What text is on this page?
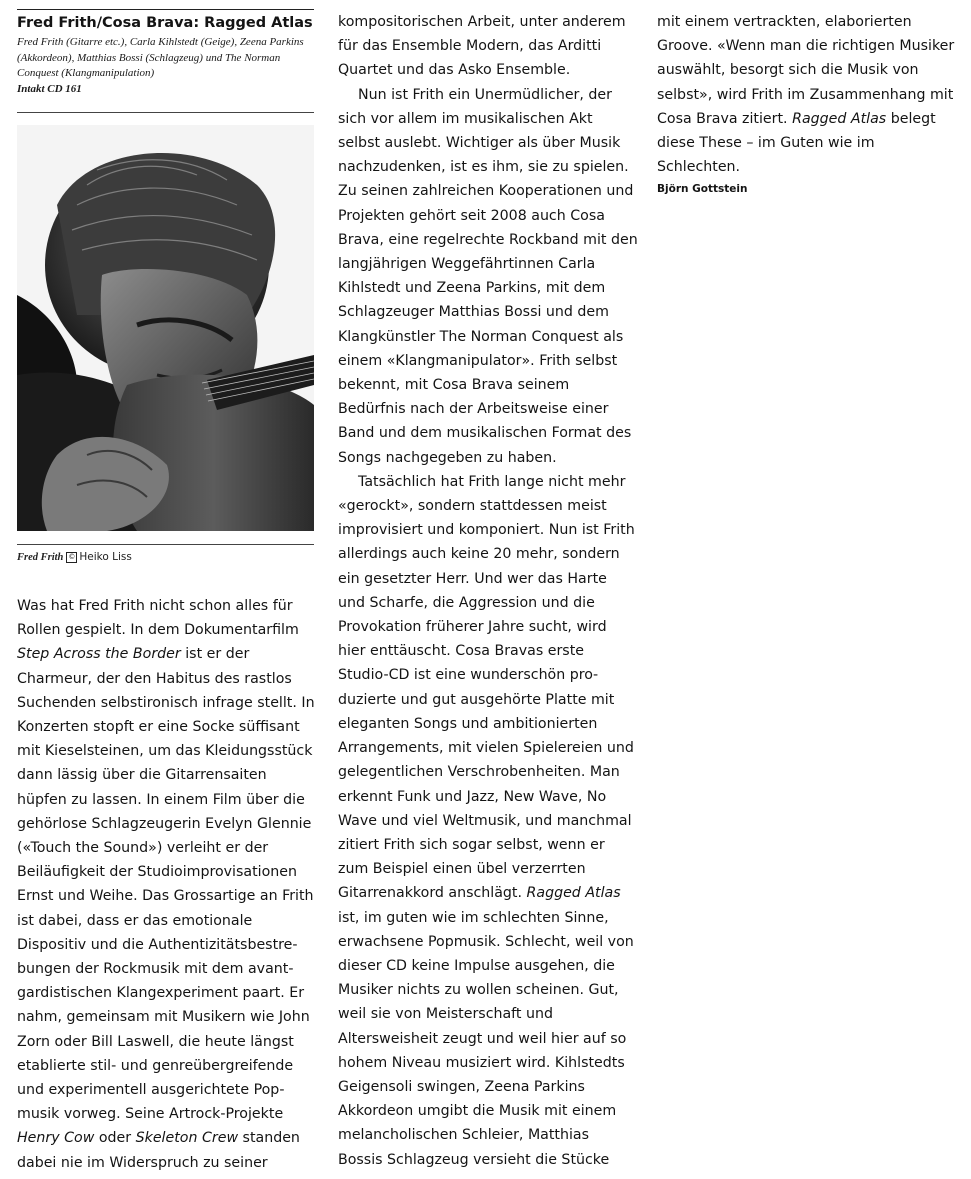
Fred Frith/Cosa Brava: Ragged Atlas

Fred Frith (Gitarre etc.), Carla Kihlstedt (Geige), Zeena Parkins (Akkordeon), Matthias Bossi (Schlagzeug) und The Norman Conquest (Klangmanipulation)
Intakt CD 161

Fred Frith © Heiko Liss

Was hat Fred Frith nicht schon alles für Rollen gespielt. In dem Dokumentarfilm Step Across the Border ist er der Charmeur, der den Habitus des rastlos Suchenden selbstironisch infrage stellt. In Konzerten stopft er eine Socke süffisant mit Kieselsteinen, um das Kleidungsstück dann lässig über die Gitarrensaiten hüpfen zu lassen. In einem Film über die gehörlose Schlagzeugerin Evelyn Glennie («Touch the Sound») verleiht er der Beiläufigkeit der Studioimprovisationen Ernst und Weihe. Das Grossartige an Frith ist dabei, dass er das emotionale Dispositiv und die Authentizitätsbestrebungen der Rockmusik mit dem avantgardistischen Klangexperiment paart. Er nahm, gemeinsam mit Musikern wie John Zorn oder Bill Laswell, die heute längst etablierte stil- und genreübergreifende und experimentell ausgerichtete Popmusik vorweg. Seine Artrock-Projekte Henry Cow oder Skeleton Crew standen dabei nie im Widerspruch zu seiner

kompositorischen Arbeit, unter anderem für das Ensemble Modern, das Arditti Quartet und das Asko Ensemble.

Nun ist Frith ein Unermüdlicher, der sich vor allem im musikalischen Akt selbst auslebt. Wichtiger als über Musik nachzudenken, ist es ihm, sie zu spielen. Zu seinen zahlreichen Kooperationen und Projekten gehört seit 2008 auch Cosa Brava, eine regelrechte Rockband mit den langjährigen Weggefährtinnen Carla Kihlstedt und Zeena Parkins, mit dem Schlagzeuger Matthias Bossi und dem Klangkünstler The Norman Conquest als einem «Klangmanipulator». Frith selbst bekennt, mit Cosa Brava seinem Bedürfnis nach der Arbeitsweise einer Band und dem musikalischen Format des Songs nachgegeben zu haben.

Tatsächlich hat Frith lange nicht mehr «gerockt», sondern stattdessen meist improvisiert und komponiert. Nun ist Frith allerdings auch keine 20 mehr, sondern ein gesetzter Herr. Und wer das Harte und Scharfe, die Aggression und die Provokation früherer Jahre sucht, wird hier enttäuscht. Cosa Bravas erste Studio-CD ist eine wunderschön produzierte und gut ausgehörte Platte mit eleganten Songs und ambitionierten Arrangements, mit vielen Spielereien und gelegentlichen Verschrobenheiten. Man erkennt Funk und Jazz, New Wave, No Wave und viel Weltmusik, und manchmal zitiert Frith sich sogar selbst, wenn er zum Beispiel einen übel verzerrten Gitarrenakkord anschlägt. Ragged Atlas ist, im guten wie im schlechten Sinne, erwachsene Popmusik. Schlecht, weil von dieser CD keine Impulse ausgehen, die Musiker nichts zu wollen scheinen. Gut, weil sie von Meisterschaft und Altersweisheit zeugt und weil hier auf so hohem Niveau musiziert wird. Kihlstedts Geigensoli swingen, Zeena Parkins Akkordeon umgibt die Musik mit einem melancholischen Schleier, Matthias Bossis Schlagzeug versieht die Stücke

mit einem vertrackten, elaborierten Groove. «Wenn man die richtigen Musiker auswählt, besorgt sich die Musik von selbst», wird Frith im Zusammenhang mit Cosa Brava zitiert. Ragged Atlas belegt diese These – im Guten wie im Schlechten.

Björn Gottstein
